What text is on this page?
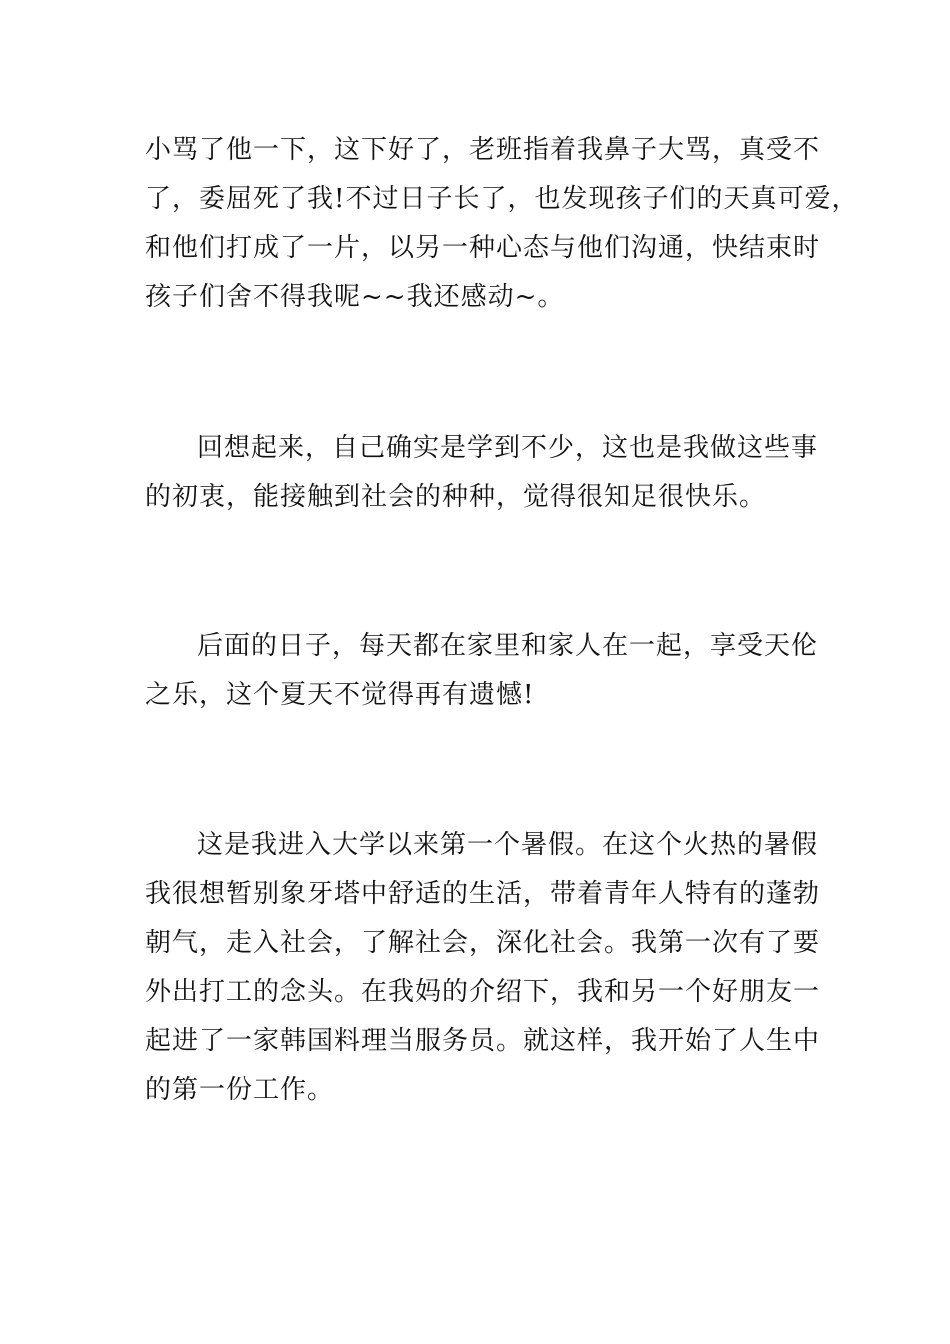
小骂了他一下，这下好了，老班指着我鼻子大骂，真受不
了，委屈死了我!不过日子长了，也发现孩子们的天真可爱，
和他们打成了一片，以另一种心态与他们沟通，快结束时
孩子们舍不得我呢~~我还感动~。

回想起来，自己确实是学到不少，这也是我做这些事
的初衷，能接触到社会的种种，觉得很知足很快乐。

后面的日子，每天都在家里和家人在一起，享受天伦
之乐，这个夏天不觉得再有遗憾!

这是我进入大学以来第一个暑假。在这个火热的暑假
我很想暂别象牙塔中舒适的生活，带着青年人特有的蓬勃
朝气，走入社会，了解社会，深化社会。我第一次有了要
外出打工的念头。在我妈的介绍下，我和另一个好朋友一
起进了一家韩国料理当服务员。就这样，我开始了人生中
的第一份工作。
